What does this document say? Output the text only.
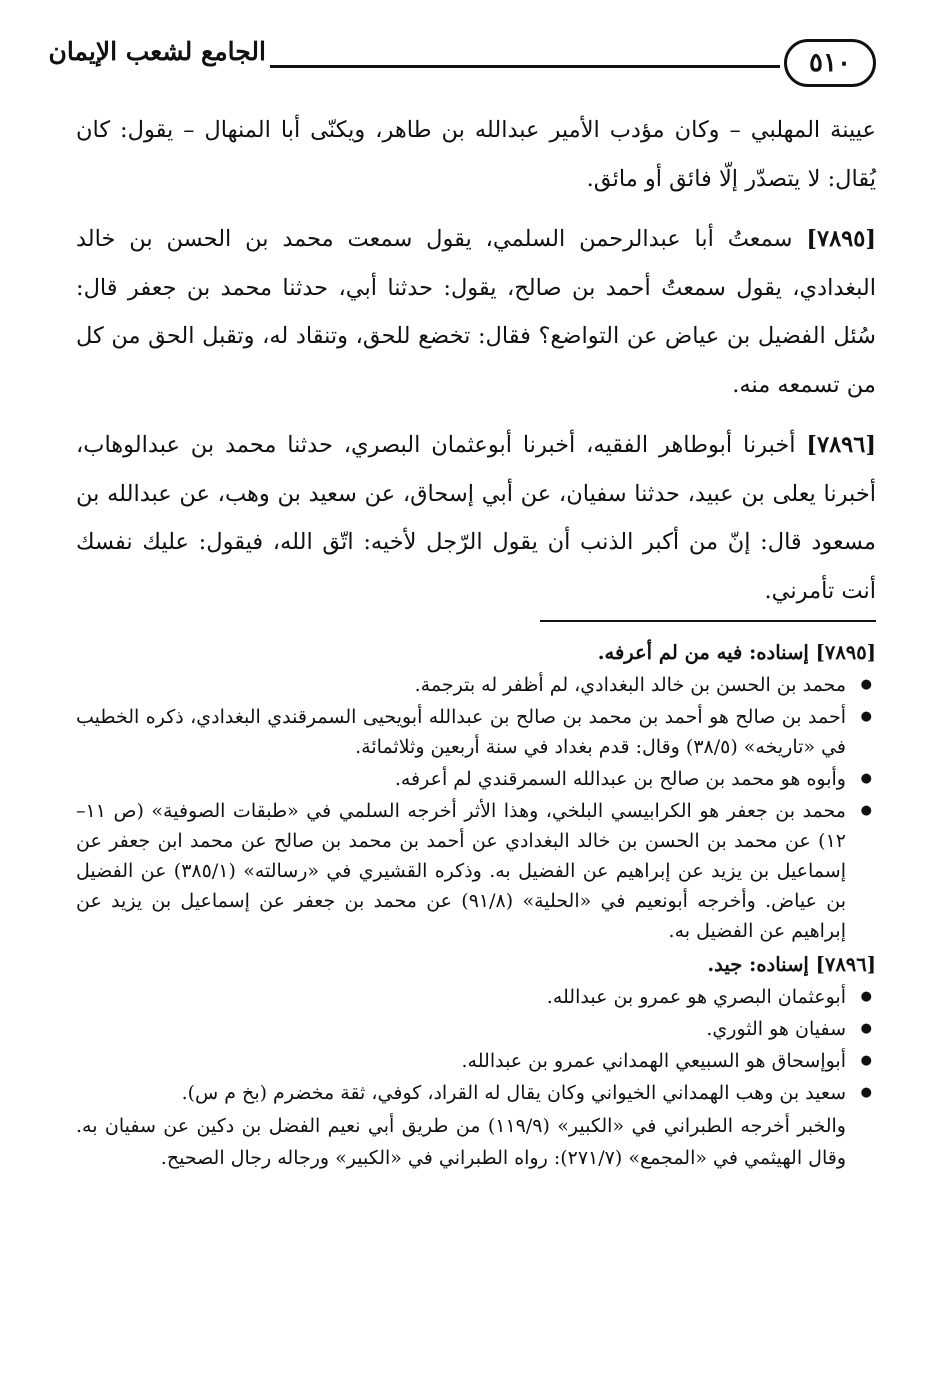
٥١٠
الجامع لشعب الإيمان

عيينة المهلبي – وكان مؤدب الأمير عبدالله بن طاهر، ويكنّى أبا المنهال – يقول: كان يُقال: لا يتصدّر إلّا فائق أو مائق.

[٧٨٩٥] سمعتُ أبا عبدالرحمن السلمي، يقول سمعت محمد بن الحسن بن خالد البغدادي، يقول سمعتُ أحمد بن صالح، يقول: حدثنا أبي، حدثنا محمد بن جعفر قال: سُئل الفضيل بن عياض عن التواضع؟ فقال: تخضع للحق، وتنقاد له، وتقبل الحق من كل من تسمعه منه.

[٧٨٩٦] أخبرنا أبوطاهر الفقيه، أخبرنا أبوعثمان البصري، حدثنا محمد بن عبدالوهاب، أخبرنا يعلى بن عبيد، حدثنا سفيان، عن أبي إسحاق، عن سعيد بن وهب، عن عبدالله بن مسعود قال: إنّ من أكبر الذنب أن يقول الرّجل لأخيه: اتّق الله، فيقول: عليك نفسك أنت تأمرني.

[٧٨٩٥] إسناده: فيه من لم أعرفه.

● محمد بن الحسن بن خالد البغدادي، لم أظفر له بترجمة.
● أحمد بن صالح هو أحمد بن محمد بن صالح بن عبدالله أبويحيى السمرقندي البغدادي، ذكره الخطيب في «تاريخه» (٣٨/٥) وقال: قدم بغداد في سنة أربعين وثلاثمائة.
● وأبوه هو محمد بن صالح بن عبدالله السمرقندي لم أعرفه.
● محمد بن جعفر هو الكرابيسي البلخي، وهذا الأثر أخرجه السلمي في «طبقات الصوفية» (ص ١١–١٢) عن محمد بن الحسن بن خالد البغدادي عن أحمد بن محمد بن صالح عن محمد ابن جعفر عن إسماعيل بن يزيد عن إبراهيم عن الفضيل به. وذكره القشيري في «رسالته» (٣٨٥/١) عن الفضيل بن عياض. وأخرجه أبونعيم في «الحلية» (٩١/٨) عن محمد بن جعفر عن إسماعيل بن يزيد عن إبراهيم عن الفضيل به.

[٧٨٩٦] إسناده: جيد.

● أبوعثمان البصري هو عمرو بن عبدالله.
● سفيان هو الثوري.
● أبوإسحاق هو السبيعي الهمداني عمرو بن عبدالله.
● سعيد بن وهب الهمداني الخيواني وكان يقال له القراد، كوفي، ثقة مخضرم (بخ م س).

والخبر أخرجه الطبراني في «الكبير» (١١٩/٩) من طريق أبي نعيم الفضل بن دكين عن سفيان به. وقال الهيثمي في «المجمع» (٢٧١/٧): رواه الطبراني في «الكبير» ورجاله رجال الصحيح.
